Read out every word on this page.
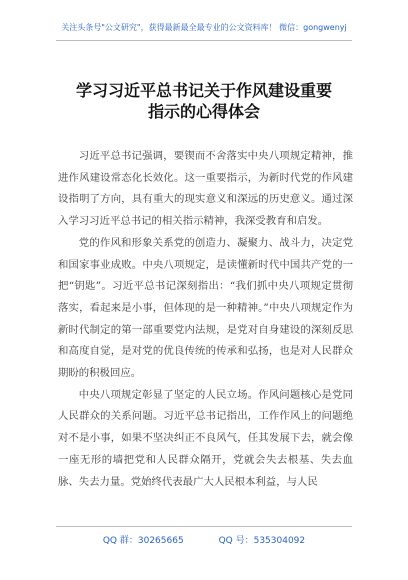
关注头条号"公文研究"，获得最新最全最专业的公文资料库！ 微信：gongwenyj
学习习近平总书记关于作风建设重要
指示的心得体会

习近平总书记强调，要锲而不舍落实中央八项规定精神，推进作风建设常态化长效化。这一重要指示，为新时代党的作风建设指明了方向，具有重大的现实意义和深远的历史意义。通过深入学习习近平总书记的相关指示精神，我深受教育和启发。

党的作风和形象关系党的创造力、凝聚力、战斗力，决定党和国家事业成败。中央八项规定，是读懂新时代中国共产党的一把“钥匙”。习近平总书记深刻指出：“我们抓中央八项规定贯彻落实，看起来是小事，但体现的是一种精神。”中央八项规定作为新时代制定的第一部重要党内法规，是党对自身建设的深刻反思和高度自觉，是对党的优良传统的传承和弘扬，也是对人民群众期盼的积极回应。

中央八项规定彰显了坚定的人民立场。作风问题核心是党同人民群众的关系问题。习近平总书记指出，工作作风上的问题绝对不是小事，如果不坚决纠正不良风气，任其发展下去，就会像一座无形的墙把党和人民群众隔开，党就会失去根基、失去血脉、失去力量。党始终代表最广大人民根本利益，与人民

QQ 群：30265665	QQ 号：535304092
